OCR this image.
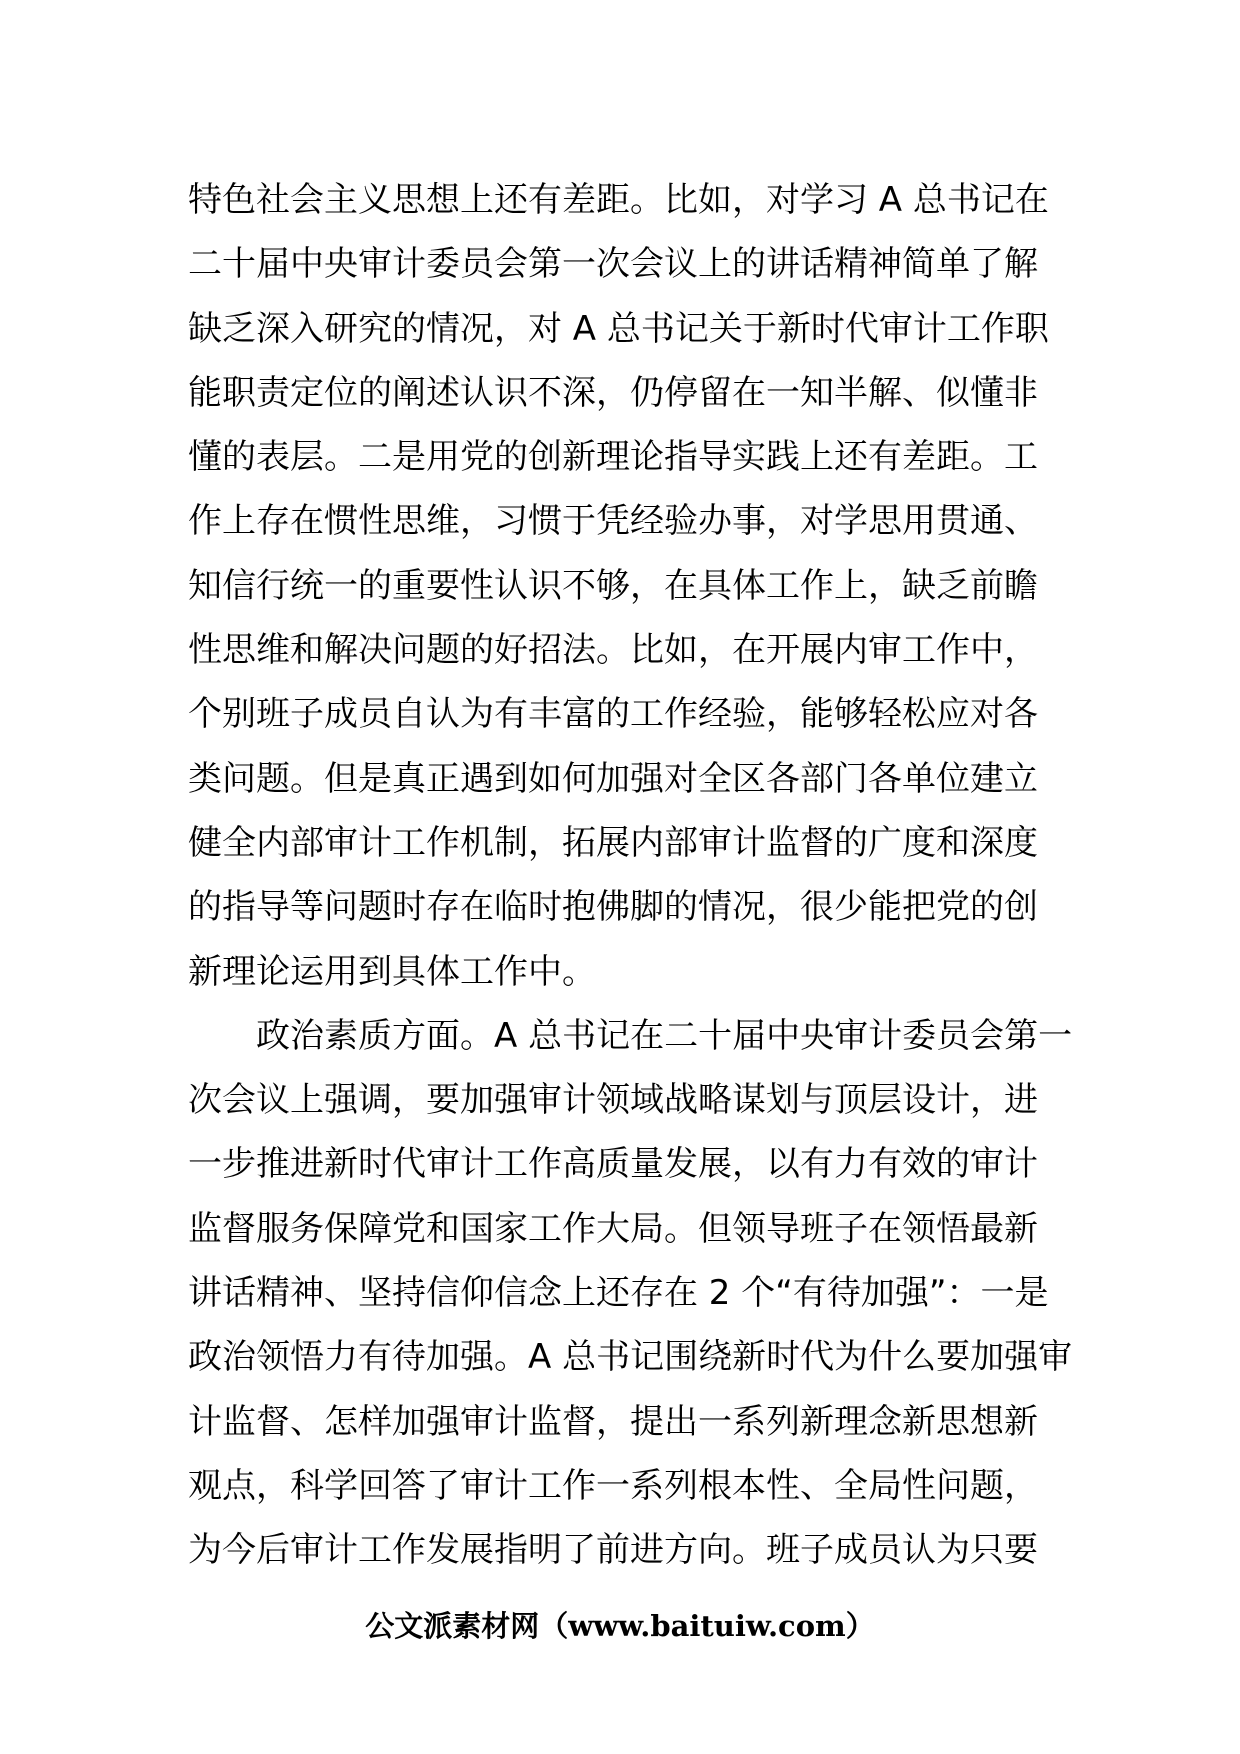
特色社会主义思想上还有差距。比如，对学习 A 总书记在
二十届中央审计委员会第一次会议上的讲话精神简单了解
缺乏深入研究的情况，对 A 总书记关于新时代审计工作职
能职责定位的阐述认识不深，仍停留在一知半解、似懂非
懂的表层。二是用党的创新理论指导实践上还有差距。工
作上存在惯性思维，习惯于凭经验办事，对学思用贯通、
知信行统一的重要性认识不够，在具体工作上，缺乏前瞻
性思维和解决问题的好招法。比如，在开展内审工作中，
个别班子成员自认为有丰富的工作经验，能够轻松应对各
类问题。但是真正遇到如何加强对全区各部门各单位建立
健全内部审计工作机制，拓展内部审计监督的广度和深度
的指导等问题时存在临时抱佛脚的情况，很少能把党的创
新理论运用到具体工作中。
政治素质方面。A 总书记在二十届中央审计委员会第一
次会议上强调，要加强审计领域战略谋划与顶层设计，进
一步推进新时代审计工作高质量发展，以有力有效的审计
监督服务保障党和国家工作大局。但领导班子在领悟最新
讲话精神、坚持信仰信念上还存在 2 个“有待加强”：一是
政治领悟力有待加强。A 总书记围绕新时代为什么要加强审
计监督、怎样加强审计监督，提出一系列新理念新思想新
观点，科学回答了审计工作一系列根本性、全局性问题，
为今后审计工作发展指明了前进方向。班子成员认为只要
公文派素材网（www.baituiw.com）
